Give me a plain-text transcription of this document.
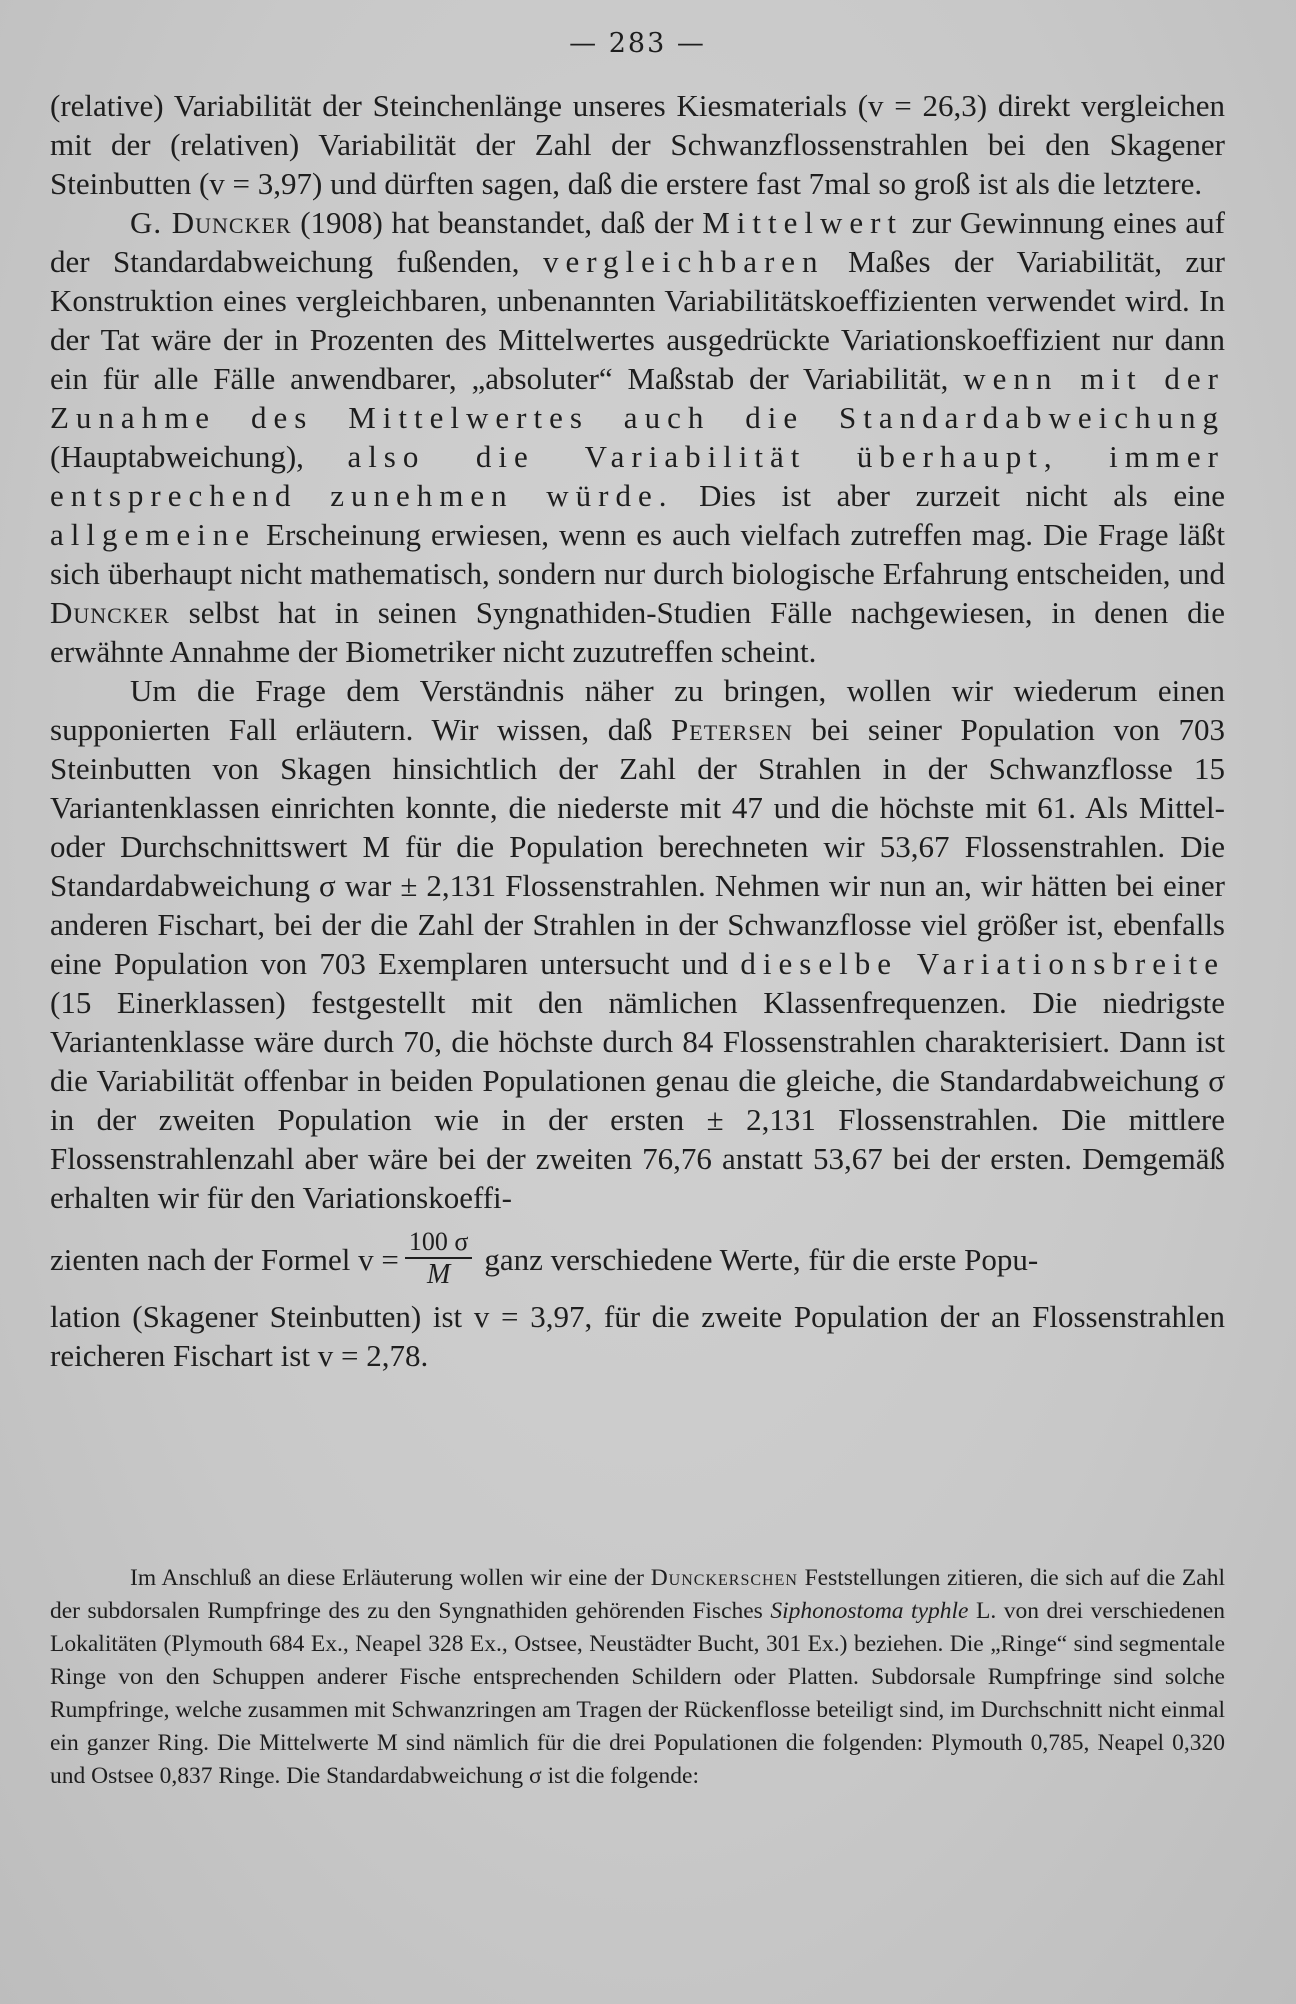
— 283 —

(relative) Variabilität der Steinchenlänge unseres Kiesmaterials (v = 26,3) direkt vergleichen mit der (relativen) Variabilität der Zahl der Schwanzflossenstrahlen bei den Skagener Steinbutten (v = 3,97) und dürften sagen, daß die erstere fast 7mal so groß ist als die letztere.

G. Duncker (1908) hat beanstandet, daß der Mittelwert zur Gewinnung eines auf der Standardabweichung fußenden, vergleichbaren Maßes der Variabilität, zur Konstruktion eines vergleichbaren, unbenannten Variabilitätskoeffizienten verwendet wird. In der Tat wäre der in Prozenten des Mittelwertes ausgedrückte Variationskoeffizient nur dann ein für alle Fälle anwendbarer, „absoluter“ Maßstab der Variabilität, wenn mit der Zunahme des Mittelwertes auch die Standardabweichung (Hauptabweichung), also die Variabilität überhaupt, immer entsprechend zunehmen würde. Dies ist aber zurzeit nicht als eine allgemeine Erscheinung erwiesen, wenn es auch vielfach zutreffen mag. Die Frage läßt sich überhaupt nicht mathematisch, sondern nur durch biologische Erfahrung entscheiden, und Duncker selbst hat in seinen Syngnathiden-Studien Fälle nachgewiesen, in denen die erwähnte Annahme der Biometriker nicht zuzutreffen scheint.

Um die Frage dem Verständnis näher zu bringen, wollen wir wiederum einen supponierten Fall erläutern. Wir wissen, daß Petersen bei seiner Population von 703 Steinbutten von Skagen hinsichtlich der Zahl der Strahlen in der Schwanzflosse 15 Variantenklassen einrichten konnte, die niederste mit 47 und die höchste mit 61. Als Mittel- oder Durchschnittswert M für die Population berechneten wir 53,67 Flossenstrahlen. Die Standardabweichung σ war ± 2,131 Flossenstrahlen. Nehmen wir nun an, wir hätten bei einer anderen Fischart, bei der die Zahl der Strahlen in der Schwanzflosse viel größer ist, ebenfalls eine Population von 703 Exemplaren untersucht und dieselbe Variationsbreite (15 Einerklassen) festgestellt mit den nämlichen Klassenfrequenzen. Die niedrigste Variantenklasse wäre durch 70, die höchste durch 84 Flossenstrahlen charakterisiert. Dann ist die Variabilität offenbar in beiden Populationen genau die gleiche, die Standardabweichung σ in der zweiten Population wie in der ersten ± 2,131 Flossenstrahlen. Die mittlere Flossenstrahlenzahl aber wäre bei der zweiten 76,76 anstatt 53,67 bei der ersten. Demgemäß erhalten wir für den Variationskoeffi-

zienten nach der Formel $v = \frac{100 \sigma}{M}$ ganz verschiedene Werte, für die erste Popu-

lation (Skagener Steinbutten) ist v = 3,97, für die zweite Population der an Flossenstrahlen reicheren Fischart ist v = 2,78.

Im Anschluß an diese Erläuterung wollen wir eine der Dunckerschen Feststellungen zitieren, die sich auf die Zahl der subdorsalen Rumpfringe des zu den Syngnathiden gehörenden Fisches Siphonostoma typhle L. von drei verschiedenen Lokalitäten (Plymouth 684 Ex., Neapel 328 Ex., Ostsee, Neustädter Bucht, 301 Ex.) beziehen. Die „Ringe“ sind segmentale Ringe von den Schuppen anderer Fische entsprechenden Schildern oder Platten. Subdorsale Rumpfringe sind solche Rumpfringe, welche zusammen mit Schwanzringen am Tragen der Rückenflosse beteiligt sind, im Durchschnitt nicht einmal ein ganzer Ring. Die Mittelwerte M sind nämlich für die drei Populationen die folgenden: Plymouth 0,785, Neapel 0,320 und Ostsee 0,837 Ringe. Die Standardabweichung σ ist die folgende:
